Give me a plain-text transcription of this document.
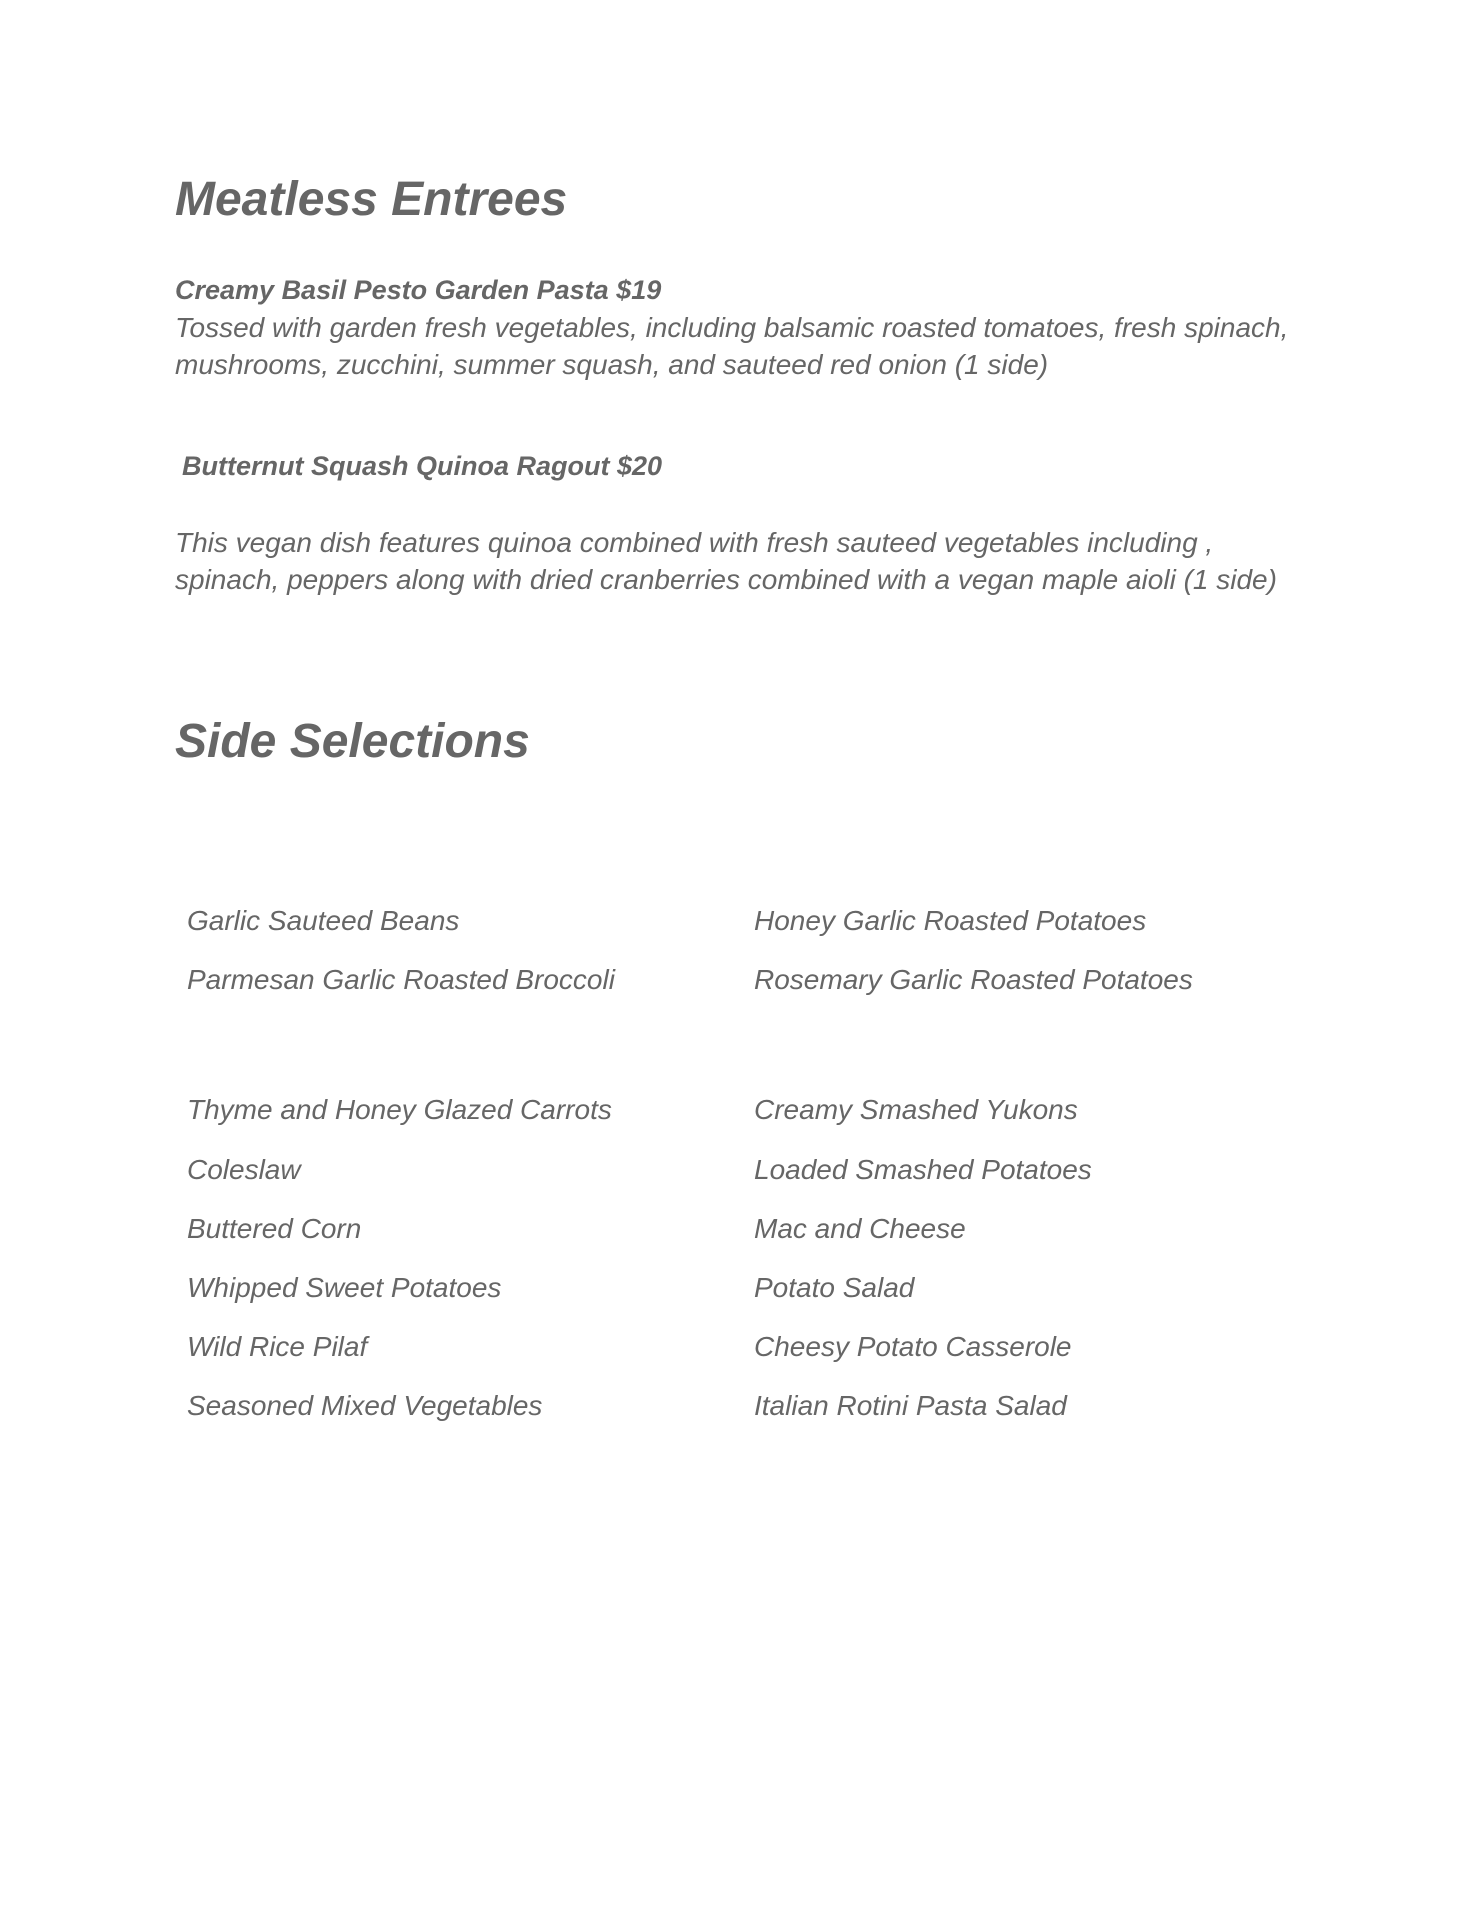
Meatless Entrees
Creamy Basil Pesto Garden Pasta $19
Tossed with garden fresh vegetables, including balsamic roasted tomatoes, fresh spinach, mushrooms, zucchini, summer squash, and sauteed red onion (1 side)
Butternut Squash Quinoa Ragout $20
This vegan dish features quinoa combined with fresh sauteed vegetables including , spinach, peppers along with dried cranberries combined with a vegan maple aioli (1 side)
Side Selections
Garlic Sauteed Beans
Parmesan Garlic Roasted Broccoli
Thyme and Honey Glazed Carrots
Coleslaw
Buttered Corn
Whipped Sweet Potatoes
Wild Rice Pilaf
Seasoned Mixed Vegetables
Honey Garlic Roasted Potatoes
Rosemary Garlic Roasted Potatoes
Creamy Smashed Yukons
Loaded Smashed Potatoes
Mac and Cheese
Potato Salad
Cheesy Potato Casserole
Italian Rotini Pasta Salad
